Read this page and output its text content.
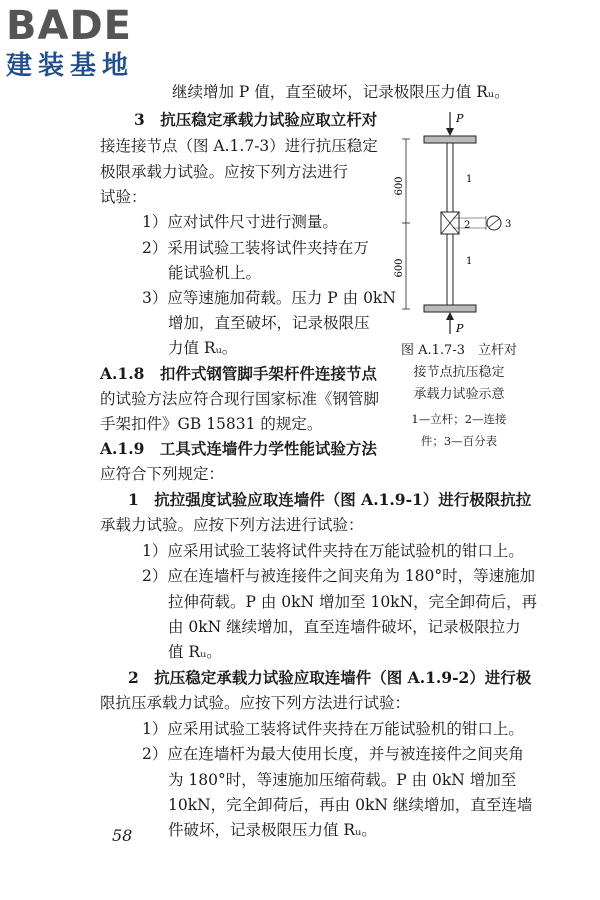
BADE
建装基地
继续增加 P 值，直至破坏，记录极限压力值 Rᵤ。
3　抗压稳定承载力试验应取立杆对
接连接节点（图 A.1.7-3）进行抗压稳定
极限承载力试验。应按下列方法进行
试验：
1）应对试件尺寸进行测量。
2）采用试验工装将试件夹持在万
能试验机上。
3）应等速施加荷载。压力 P 由 0kN
增加，直至破坏，记录极限压
力值 Rᵤ。
A.1.8　扣件式钢管脚手架杆件连接节点
的试验方法应符合现行国家标准《钢管脚
手架扣件》GB 15831 的规定。
A.1.9　工具式连墙件力学性能试验方法
应符合下列规定：
1　抗拉强度试验应取连墙件（图 A.1.9-1）进行极限抗拉
承载力试验。应按下列方法进行试验：
1）应采用试验工装将试件夹持在万能试验机的钳口上。
2）应在连墙杆与被连接件之间夹角为 180°时，等速施加
拉伸荷载。P 由 0kN 增加至 10kN，完全卸荷后，再
由 0kN 继续增加，直至连墙件破坏，记录极限拉力
值 Rᵤ。
2　抗压稳定承载力试验应取连墙件（图 A.1.9-2）进行极
限抗压承载力试验。应按下列方法进行试验：
1）应采用试验工装将试件夹持在万能试验机的钳口上。
2）应在连墙杆为最大使用长度，并与被连接件之间夹角
为 180°时，等速施加压缩荷载。P 由 0kN 增加至
10kN，完全卸荷后，再由 0kN 继续增加，直至连墙
件破坏，记录极限压力值 Rᵤ。
P
P
600
600
1
2
1
3
图 A.1.7-3　立杆对
接节点抗压稳定
承载力试验示意
1—立杆；2—连接
件；3—百分表
58
